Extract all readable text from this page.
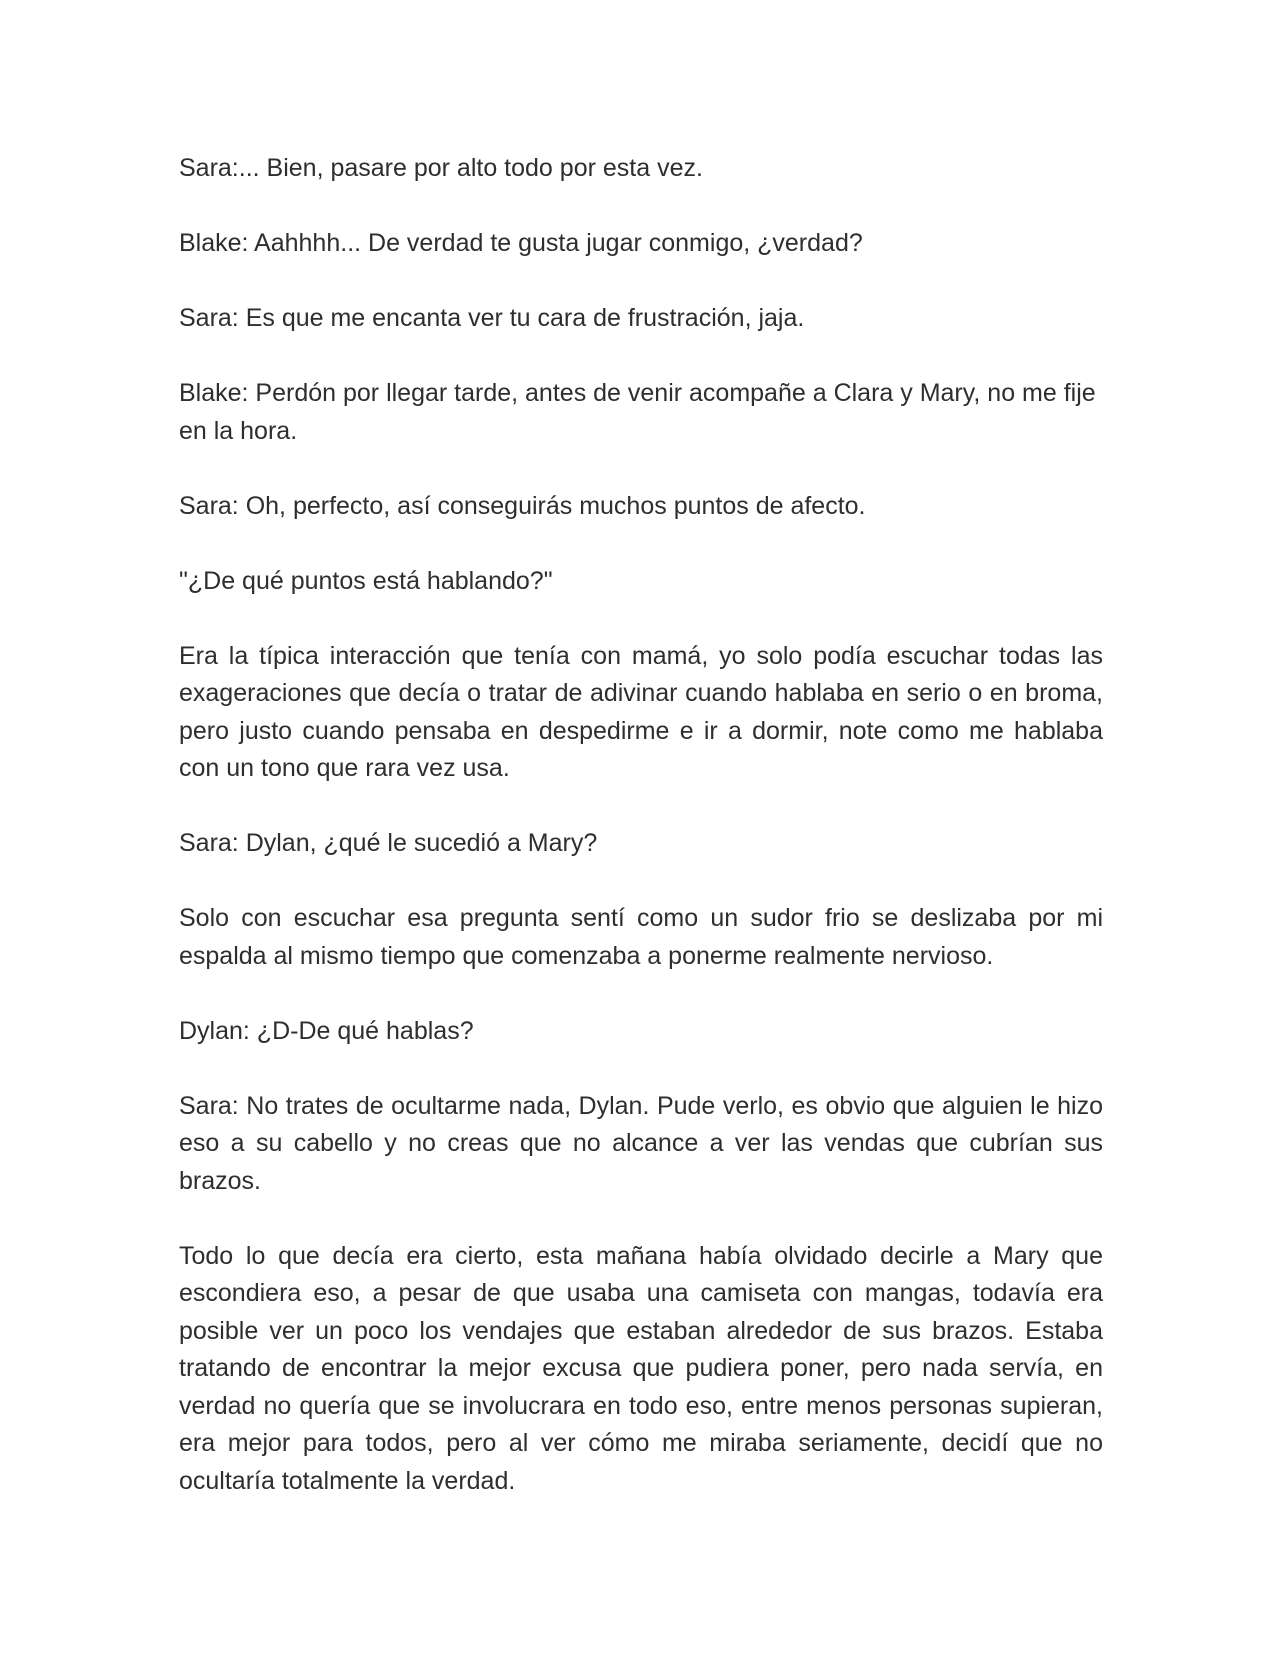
Sara:... Bien, pasare por alto todo por esta vez.

Blake: Aahhhh... De verdad te gusta jugar conmigo, ¿verdad?

Sara: Es que me encanta ver tu cara de frustración, jaja.

Blake: Perdón por llegar tarde, antes de venir acompañe a Clara y Mary, no me fije en la hora.

Sara: Oh, perfecto, así conseguirás muchos puntos de afecto.

"¿De qué puntos está hablando?"

Era la típica interacción que tenía con mamá, yo solo podía escuchar todas las exageraciones que decía o tratar de adivinar cuando hablaba en serio o en broma, pero justo cuando pensaba en despedirme e ir a dormir, note como me hablaba con un tono que rara vez usa.

Sara: Dylan, ¿qué le sucedió a Mary?

Solo con escuchar esa pregunta sentí como un sudor frio se deslizaba por mi espalda al mismo tiempo que comenzaba a ponerme realmente nervioso.

Dylan: ¿D-De qué hablas?

Sara: No trates de ocultarme nada, Dylan. Pude verlo, es obvio que alguien le hizo eso a su cabello y no creas que no alcance a ver las vendas que cubrían sus brazos.

Todo lo que decía era cierto, esta mañana había olvidado decirle a Mary que escondiera eso, a pesar de que usaba una camiseta con mangas, todavía era posible ver un poco los vendajes que estaban alrededor de sus brazos. Estaba tratando de encontrar la mejor excusa que pudiera poner, pero nada servía, en verdad no quería que se involucrara en todo eso, entre menos personas supieran, era mejor para todos, pero al ver cómo me miraba seriamente, decidí que no ocultaría totalmente la verdad.
